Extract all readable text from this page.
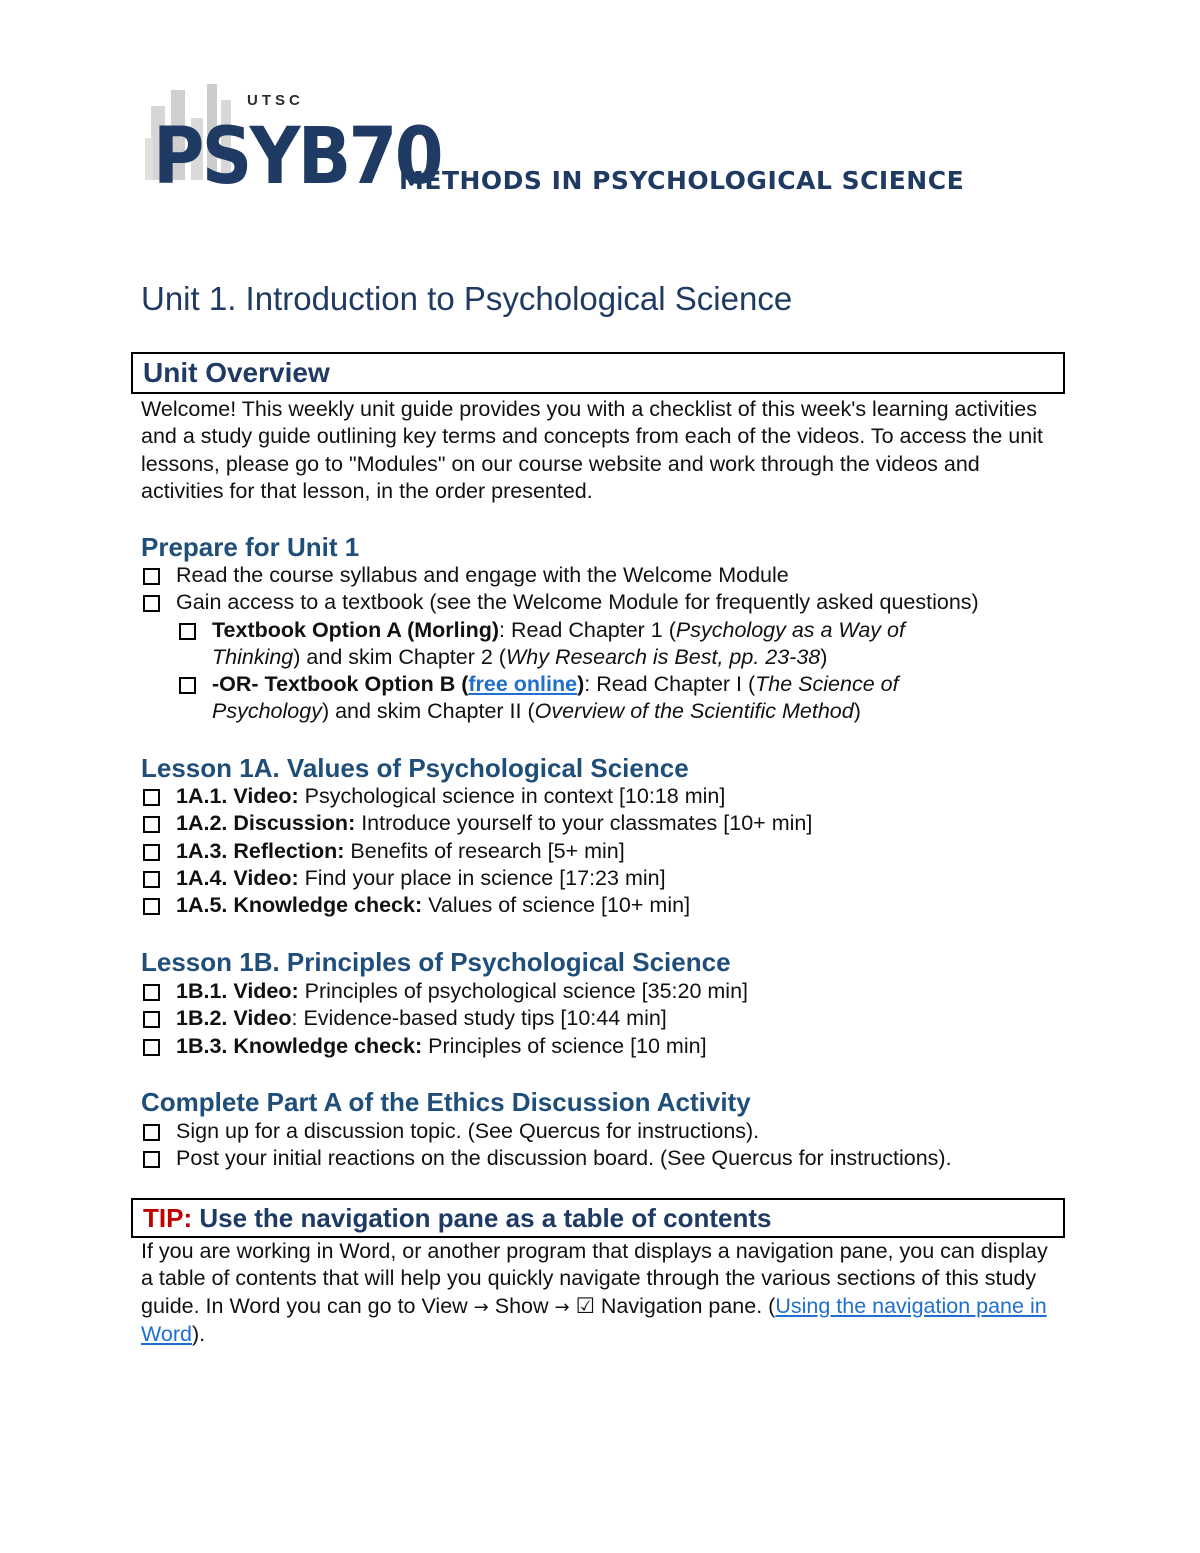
UTSC
PSYB70
METHODS IN PSYCHOLOGICAL SCIENCE
Unit 1. Introduction to Psychological Science
Unit Overview
Welcome! This weekly unit guide provides you with a checklist of this week's learning activities and a study guide outlining key terms and concepts from each of the videos. To access the unit lessons, please go to "Modules" on our course website and work through the videos and activities for that lesson, in the order presented.
Prepare for Unit 1
Read the course syllabus and engage with the Welcome Module
Gain access to a textbook (see the Welcome Module for frequently asked questions)
Textbook Option A (Morling): Read Chapter 1 (Psychology as a Way of Thinking) and skim Chapter 2 (Why Research is Best, pp. 23-38)
-OR- Textbook Option B (free online): Read Chapter I (The Science of Psychology) and skim Chapter II (Overview of the Scientific Method)
Lesson 1A. Values of Psychological Science
1A.1. Video: Psychological science in context [10:18 min]
1A.2. Discussion: Introduce yourself to your classmates [10+ min]
1A.3. Reflection: Benefits of research [5+ min]
1A.4. Video: Find your place in science [17:23 min]
1A.5. Knowledge check: Values of science [10+ min]
Lesson 1B. Principles of Psychological Science
1B.1. Video: Principles of psychological science [35:20 min]
1B.2. Video: Evidence-based study tips [10:44 min]
1B.3. Knowledge check: Principles of science [10 min]
Complete Part A of the Ethics Discussion Activity
Sign up for a discussion topic. (See Quercus for instructions).
Post your initial reactions on the discussion board. (See Quercus for instructions).
TIP: Use the navigation pane as a table of contents
If you are working in Word, or another program that displays a navigation pane, you can display a table of contents that will help you quickly navigate through the various sections of this study guide. In Word you can go to View → Show → ☑ Navigation pane. (Using the navigation pane in Word).
